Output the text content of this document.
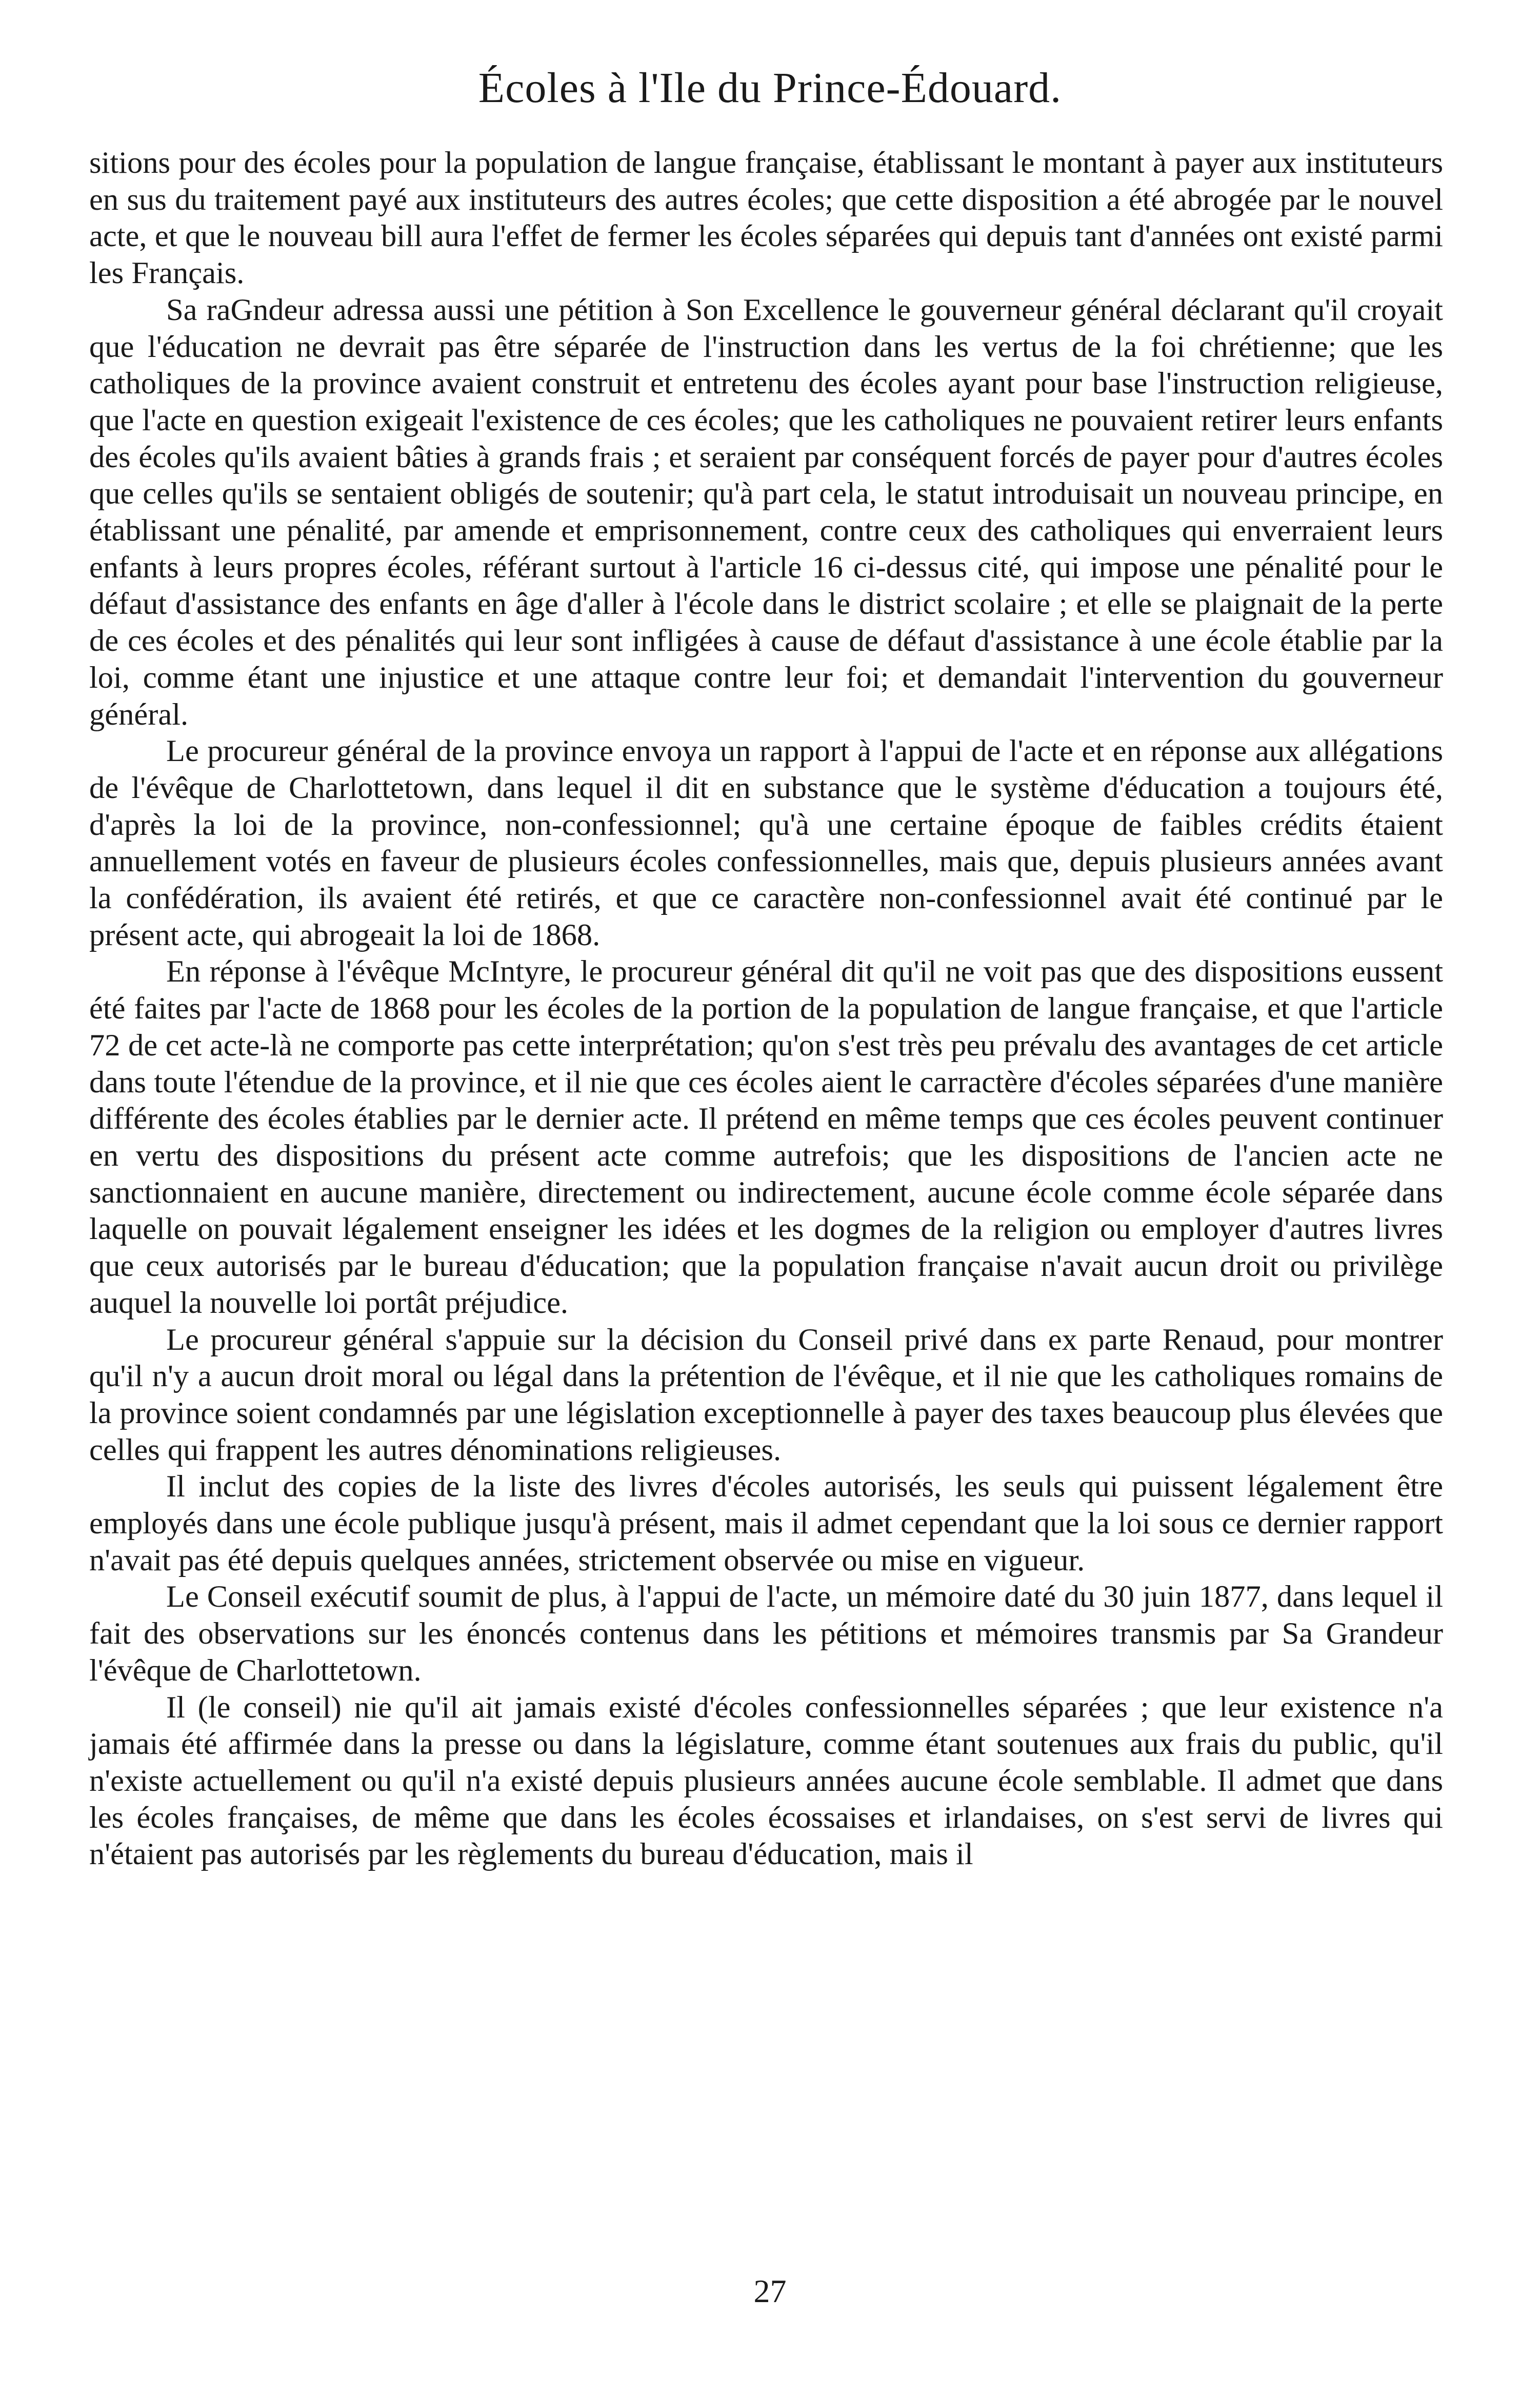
Écoles à l'Ile du Prince-Édouard.

sitions pour des écoles pour la population de langue française, établissant le montant à payer aux instituteurs en sus du traitement payé aux instituteurs des autres écoles; que cette disposition a été abrogée par le nouvel acte, et que le nouveau bill aura l'effet de fermer les écoles séparées qui depuis tant d'années ont existé parmi les Français.

Sa raGndeur adressa aussi une pétition à Son Excellence le gouverneur général déclarant qu'il croyait que l'éducation ne devrait pas être séparée de l'instruction dans les vertus de la foi chrétienne; que les catholiques de la province avaient construit et entretenu des écoles ayant pour base l'instruction religieuse, que l'acte en question exigeait l'existence de ces écoles; que les catholiques ne pouvaient retirer leurs enfants des écoles qu'ils avaient bâties à grands frais ; et seraient par conséquent forcés de payer pour d'autres écoles que celles qu'ils se sentaient obligés de soutenir; qu'à part cela, le statut introduisait un nouveau principe, en établissant une pénalité, par amende et emprisonnement, contre ceux des catholiques qui enverraient leurs enfants à leurs propres écoles, référant surtout à l'article 16 ci-dessus cité, qui impose une pénalité pour le défaut d'assistance des enfants en âge d'aller à l'école dans le district scolaire ; et elle se plaignait de la perte de ces écoles et des pénalités qui leur sont infligées à cause de défaut d'assistance à une école établie par la loi, comme étant une injustice et une attaque contre leur foi; et demandait l'intervention du gouverneur général.

Le procureur général de la province envoya un rapport à l'appui de l'acte et en réponse aux allégations de l'évêque de Charlottetown, dans lequel il dit en substance que le système d'éducation a toujours été, d'après la loi de la province, non-confessionnel; qu'à une certaine époque de faibles crédits étaient annuellement votés en faveur de plusieurs écoles confessionnelles, mais que, depuis plusieurs années avant la confédération, ils avaient été retirés, et que ce caractère non-confessionnel avait été continué par le présent acte, qui abrogeait la loi de 1868.

En réponse à l'évêque McIntyre, le procureur général dit qu'il ne voit pas que des dispositions eussent été faites par l'acte de 1868 pour les écoles de la portion de la population de langue française, et que l'article 72 de cet acte-là ne comporte pas cette interprétation; qu'on s'est très peu prévalu des avantages de cet article dans toute l'étendue de la province, et il nie que ces écoles aient le carractère d'écoles séparées d'une manière différente des écoles établies par le dernier acte. Il prétend en même temps que ces écoles peuvent continuer en vertu des dispositions du présent acte comme autrefois; que les dispositions de l'ancien acte ne sanctionnaient en aucune manière, directement ou indirectement, aucune école comme école séparée dans laquelle on pouvait légalement enseigner les idées et les dogmes de la religion ou employer d'autres livres que ceux autorisés par le bureau d'éducation; que la population française n'avait aucun droit ou privilège auquel la nouvelle loi portât préjudice.

Le procureur général s'appuie sur la décision du Conseil privé dans ex parte Renaud, pour montrer qu'il n'y a aucun droit moral ou légal dans la prétention de l'évêque, et il nie que les catholiques romains de la province soient condamnés par une législation exceptionnelle à payer des taxes beaucoup plus élevées que celles qui frappent les autres dénominations religieuses.

Il inclut des copies de la liste des livres d'écoles autorisés, les seuls qui puissent légalement être employés dans une école publique jusqu'à présent, mais il admet cependant que la loi sous ce dernier rapport n'avait pas été depuis quelques années, strictement observée ou mise en vigueur.

Le Conseil exécutif soumit de plus, à l'appui de l'acte, un mémoire daté du 30 juin 1877, dans lequel il fait des observations sur les énoncés contenus dans les pétitions et mémoires transmis par Sa Grandeur l'évêque de Charlottetown.

Il (le conseil) nie qu'il ait jamais existé d'écoles confessionnelles séparées ; que leur existence n'a jamais été affirmée dans la presse ou dans la législature, comme étant soutenues aux frais du public, qu'il n'existe actuellement ou qu'il n'a existé depuis plusieurs années aucune école semblable. Il admet que dans les écoles françaises, de même que dans les écoles écossaises et irlandaises, on s'est servi de livres qui n'étaient pas autorisés par les règlements du bureau d'éducation, mais il

27
